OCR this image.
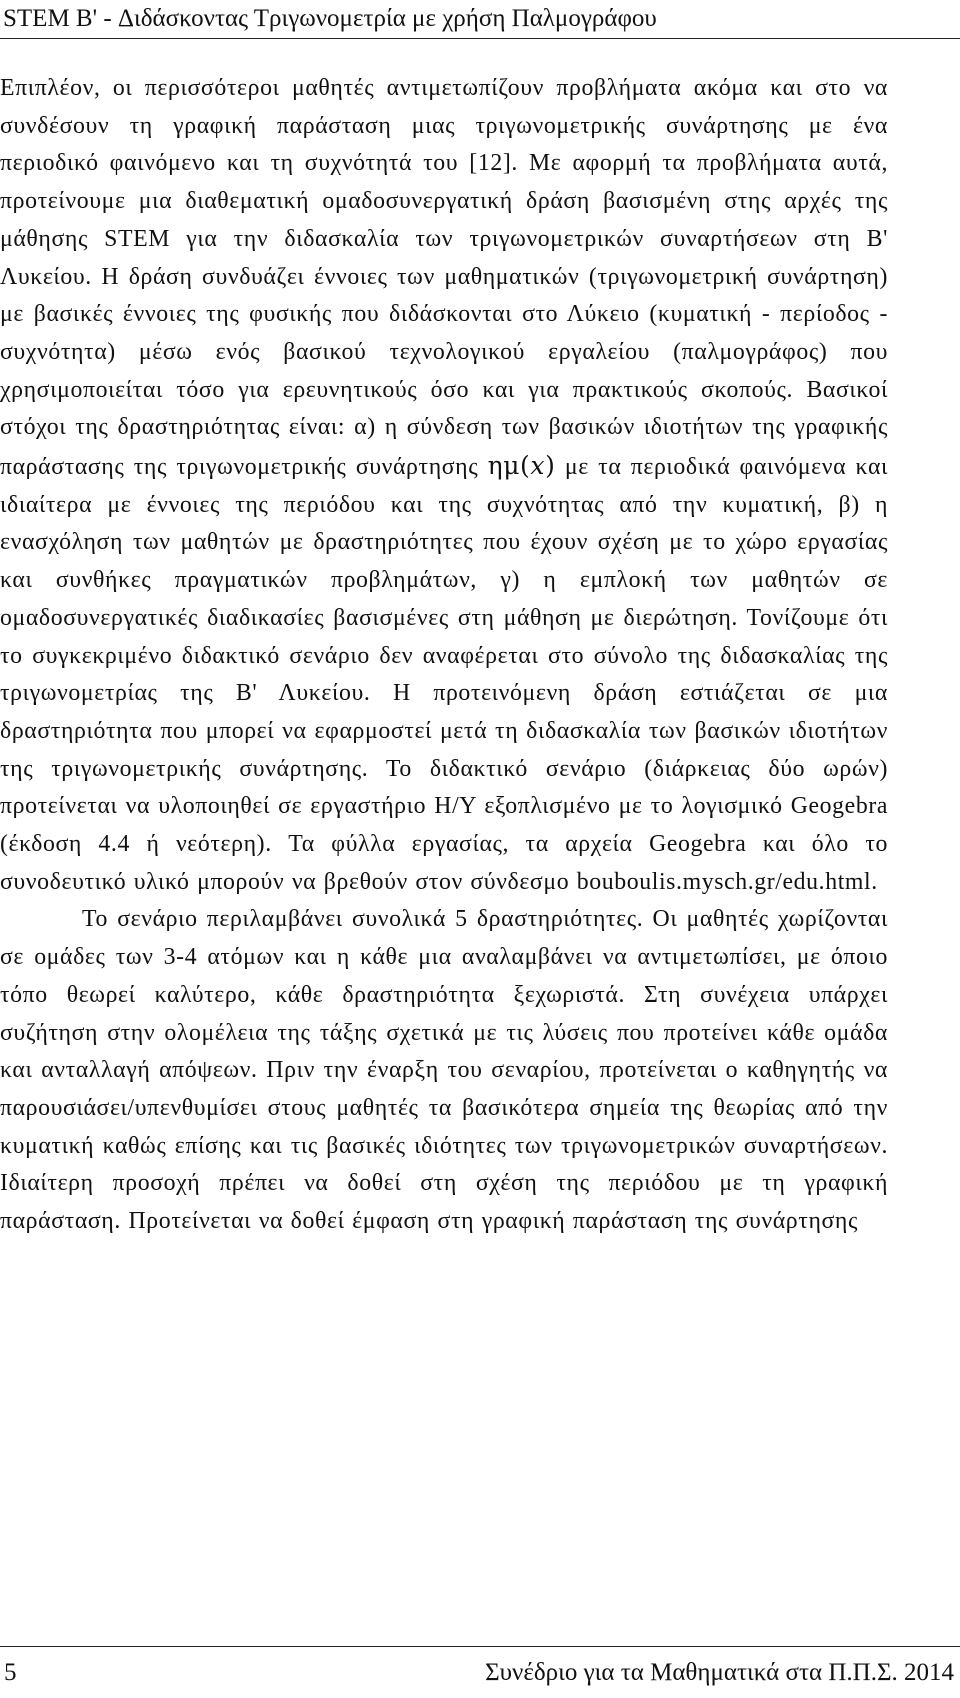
STEM B' - Διδάσκοντας Τριγωνομετρία με χρήση Παλμογράφου

Επιπλέον, οι περισσότεροι μαθητές αντιμετωπίζουν προβλήματα ακόμα και στο να συνδέσουν τη γραφική παράσταση μιας τριγωνομετρικής συνάρτησης με ένα περιοδικό φαινόμενο και τη συχνότητά του [12]. Με αφορμή τα προβλήματα αυτά, προτείνουμε μια διαθεματική ομαδοσυνεργατική δράση βασισμένη στης αρχές της μάθησης STEM για την διδασκαλία των τριγωνομετρικών συναρτήσεων στη Β' Λυκείου. Η δράση συνδυάζει έννοιες των μαθηματικών (τριγωνομετρική συνάρτηση) με βασικές έννοιες της φυσικής που διδάσκονται στο Λύκειο (κυματική - περίοδος - συχνότητα) μέσω ενός βασικού τεχνολογικού εργαλείου (παλμογράφος) που χρησιμοποιείται τόσο για ερευνητικούς όσο και για πρακτικούς σκοπούς. Βασικοί στόχοι της δραστηριότητας είναι: α) η σύνδεση των βασικών ιδιοτήτων της γραφικής παράστασης της τριγωνομετρικής συνάρτησης ημ(x) με τα περιοδικά φαινόμενα και ιδιαίτερα με έννοιες της περιόδου και της συχνότητας από την κυματική, β) η ενασχόληση των μαθητών με δραστηριότητες που έχουν σχέση με το χώρο εργασίας και συνθήκες πραγματικών προβλημάτων, γ) η εμπλοκή των μαθητών σε ομαδοσυνεργατικές διαδικασίες βασισμένες στη μάθηση με διερώτηση. Τονίζουμε ότι το συγκεκριμένο διδακτικό σενάριο δεν αναφέρεται στο σύνολο της διδασκαλίας της τριγωνομετρίας της Β' Λυκείου. Η προτεινόμενη δράση εστιάζεται σε μια δραστηριότητα που μπορεί να εφαρμοστεί μετά τη διδασκαλία των βασικών ιδιοτήτων της τριγωνομετρικής συνάρτησης. Το διδακτικό σενάριο (διάρκειας δύο ωρών) προτείνεται να υλοποιηθεί σε εργαστήριο Η/Υ εξοπλισμένο με το λογισμικό Geogebra (έκδοση 4.4 ή νεότερη). Τα φύλλα εργασίας, τα αρχεία Geogebra και όλο το συνοδευτικό υλικό μπορούν να βρεθούν στον σύνδεσμο bouboulis.mysch.gr/edu.html.

Το σενάριο περιλαμβάνει συνολικά 5 δραστηριότητες. Οι μαθητές χωρίζονται σε ομάδες των 3-4 ατόμων και η κάθε μια αναλαμβάνει να αντιμετωπίσει, με όποιο τόπο θεωρεί καλύτερο, κάθε δραστηριότητα ξεχωριστά. Στη συνέχεια υπάρχει συζήτηση στην ολομέλεια της τάξης σχετικά με τις λύσεις που προτείνει κάθε ομάδα και ανταλλαγή απόψεων. Πριν την έναρξη του σεναρίου, προτείνεται ο καθηγητής να παρουσιάσει/υπενθυμίσει στους μαθητές τα βασικότερα σημεία της θεωρίας από την κυματική καθώς επίσης και τις βασικές ιδιότητες των τριγωνομετρικών συναρτήσεων. Ιδιαίτερη προσοχή πρέπει να δοθεί στη σχέση της περιόδου με τη γραφική παράσταση. Προτείνεται να δοθεί έμφαση στη γραφική παράσταση της συνάρτησης

5	Συνέδριο για τα Μαθηματικά στα Π.Π.Σ. 2014
